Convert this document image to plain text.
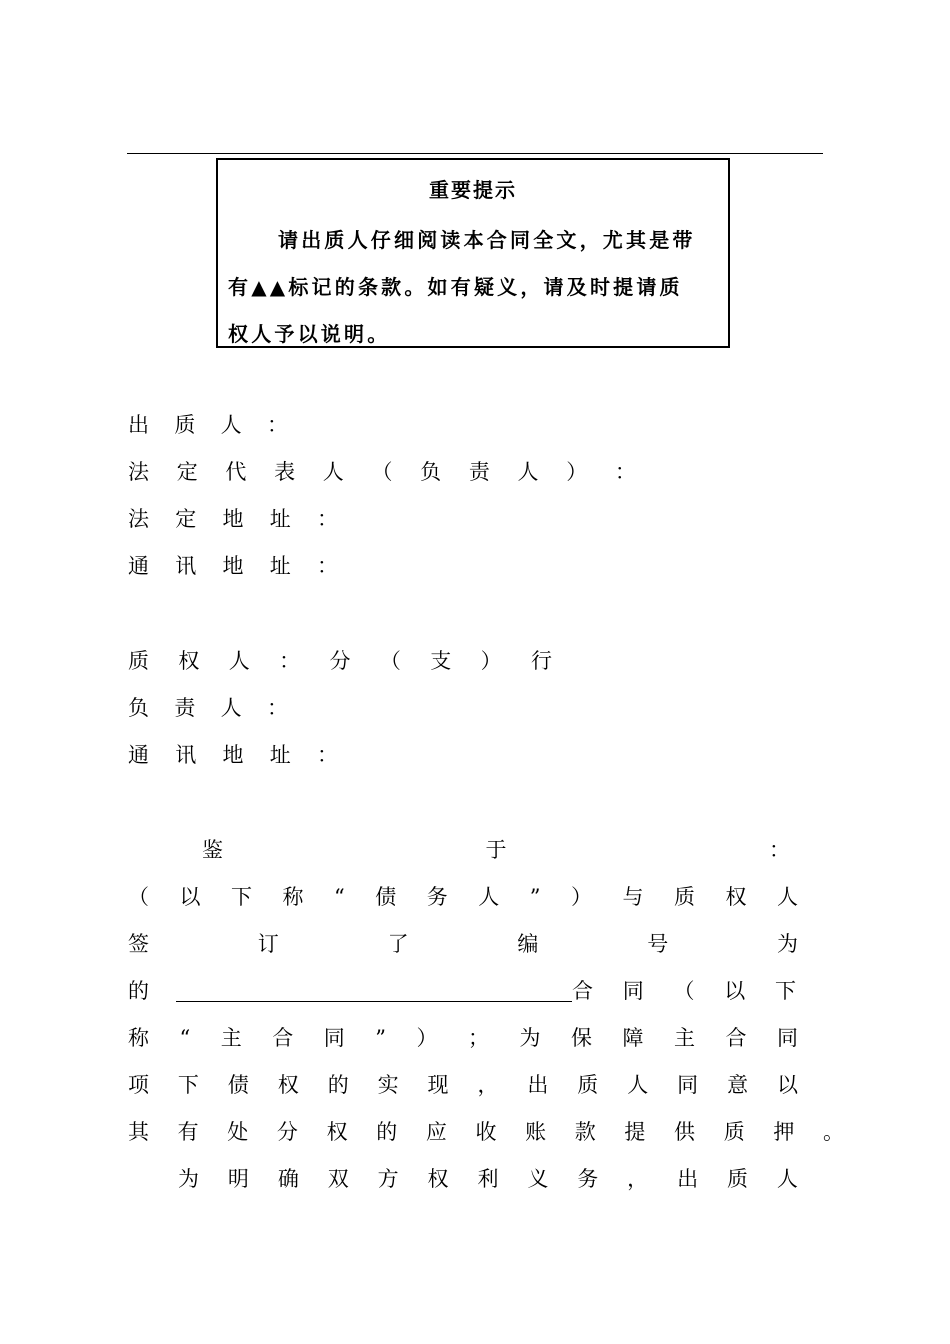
重要提示
请出质人仔细阅读本合同全文，尤其是带
有▲▲标记的条款。如有疑义，请及时提请质
权人予以说明。
出 质 人 ：
法 定 代 表 人 （ 负 责 人 ） ：
法 定 地 址 ：
通 讯 地 址 ：
质 权 人 ： 分 （ 支 ） 行
负 责 人 ：
通 讯 地 址 ：
鉴	于	：
（ 以 下 称 “ 债 务 人 ” ） 与 质 权 人
签	订	了	编	号	为
的	合 同 （ 以 下
称 “ 主 合 同 ” ） ； 为 保 障 主 合 同
项 下 债 权 的 实 现 ， 出 质 人 同 意 以
其 有 处 分 权 的 应 收 账 款 提 供 质 押 。
为 明 确 双 方 权 利 义 务 ， 出 质 人
